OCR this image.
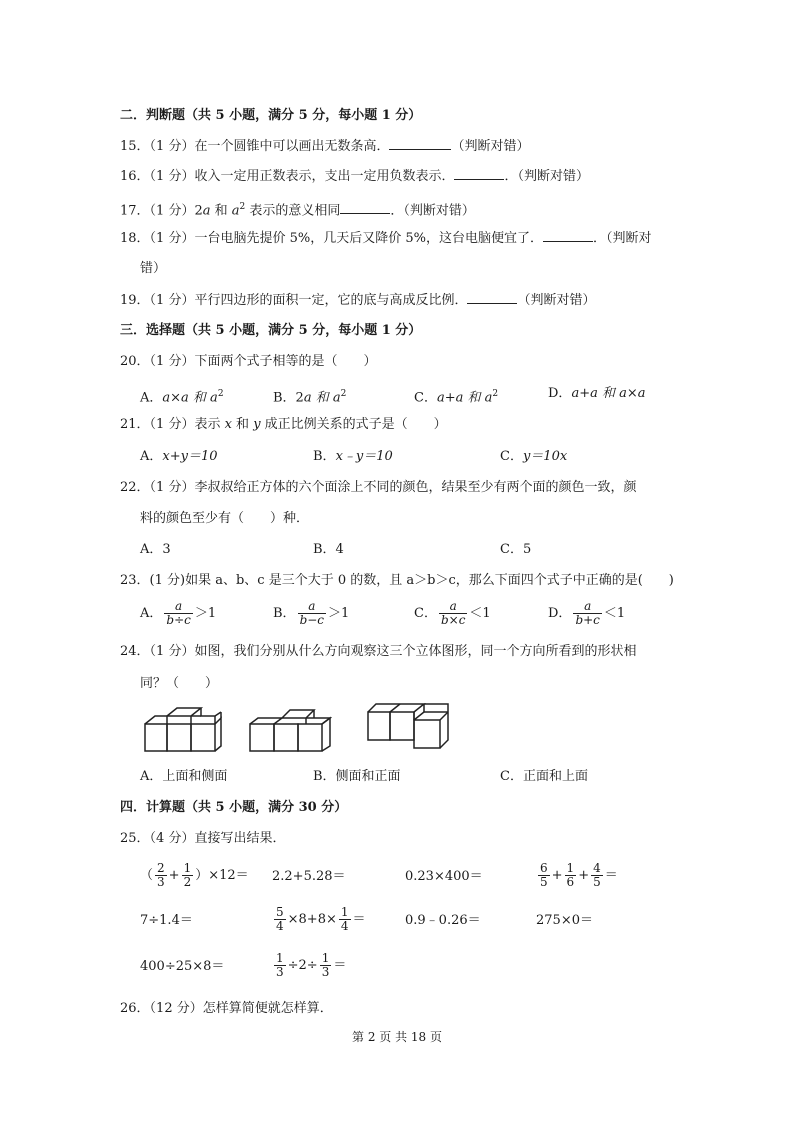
二．判断题（共 5 小题，满分 5 分，每小题 1 分）
15．（1 分）在一个圆锥中可以画出无数条高．	（判断对错）
16．（1 分）收入一定用正数表示，支出一定用负数表示．	．（判断对错）
17．（1 分）2a 和 $a^2$ 表示的意义相同	．（判断对错）
18．（1 分）一台电脑先提价 5%，几天后又降价 5%，这台电脑便宜了．	．（判断对
错）
19．（1 分）平行四边形的面积一定，它的底与高成反比例．	（判断对错）
三．选择题（共 5 小题，满分 5 分，每小题 1 分）
20．（1 分）下面两个式子相等的是（　　）
A．a×a 和 $a^2$	B．2a 和 $a^2$	C．a+a 和 $a^2$	D．a+a 和 a×a
21．（1 分）表示 x 和 y 成正比例关系的式子是（　　）
A．x+y＝10	B．x﹣y＝10	C．y＝10x
22．（1 分）李叔叔给正方体的六个面涂上不同的颜色，结果至少有两个面的颜色一致，颜
料的颜色至少有（　　）种．
A．3	B．4	C．5
23．(1 分)如果 a、b、c 是三个大于 0 的数，且 a＞b＞c，那么下面四个式子中正确的是(　　)
A． $\frac{a}{b\div c} >1$	B． $\frac{a}{b-c} >1$	C． $\frac{a}{b\times c} <1$	D． $\frac{a}{b+c} <1$
24．（1 分）如图，我们分别从什么方向观察这三个立体图形，同一个方向所看到的形状相
同？（　　）
A．上面和侧面	B．侧面和正面	C．正面和上面
四．计算题（共 5 小题，满分 30 分）
25．（4 分）直接写出结果．
（ $\frac{2}{3} + \frac{1}{2} )\times 12= 2.2+5.28=$	0.23×400＝	$\frac{6}{5} + \frac{1}{6} + \frac{4}{5}$ ＝
7÷1.4＝	$\frac{5}{4} \times 8+8\times \frac{1}{4}$ ＝	0.9﹣0.26＝	275×0＝
400÷25×8＝	$\frac{1}{3} \div 2\div \frac{1}{3}$ ＝
26．（12 分）怎样算简便就怎样算．
第 2 页 共 18 页
